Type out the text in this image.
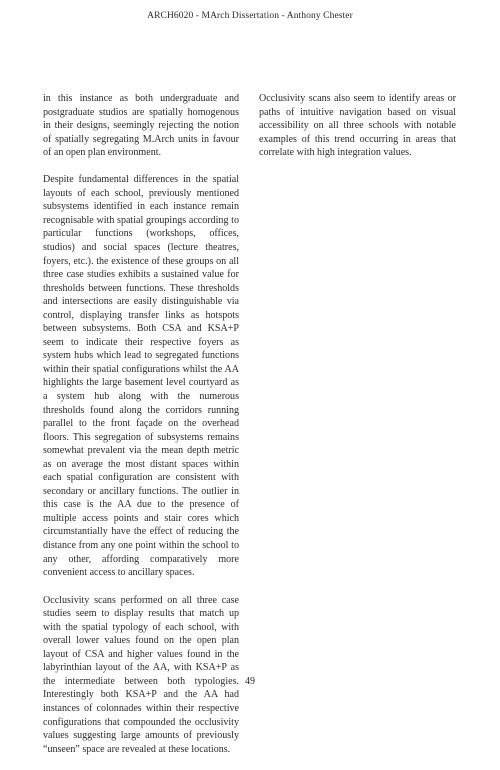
ARCH6020 - MArch Dissertation - Anthony Chester

in this instance as both undergraduate and postgraduate studios are spatially homogenous in their designs, seemingly rejecting the notion of spatially segregating M.Arch units in favour of an open plan environment.

Despite fundamental differences in the spatial layouts of each school, previously mentioned subsystems identified in each instance remain recognisable with spatial groupings according to particular functions (workshops, offices, studios) and social spaces (lecture theatres, foyers, etc.). the existence of these groups on all three case studies exhibits a sustained value for thresholds between functions. These thresholds and intersections are easily distinguishable via control, displaying transfer links as hotspots between subsystems. Both CSA and KSA+P seem to indicate their respective foyers as system hubs which lead to segregated functions within their spatial configurations whilst the AA highlights the large basement level courtyard as a system hub along with the numerous thresholds found along the corridors running parallel to the front façade on the overhead floors. This segregation of subsystems remains somewhat prevalent via the mean depth metric as on average the most distant spaces within each spatial configuration are consistent with secondary or ancillary functions. The outlier in this case is the AA due to the presence of multiple access points and stair cores which circumstantially have the effect of reducing the distance from any one point within the school to any other, affording comparatively more convenient access to ancillary spaces.

Occlusivity scans performed on all three case studies seem to display results that match up with the spatial typology of each school, with overall lower values found on the open plan layout of CSA and higher values found in the labyrinthian layout of the AA, with KSA+P as the intermediate between both typologies. Interestingly both KSA+P and the AA had instances of colonnades within their respective configurations that compounded the occlusivity values suggesting large amounts of previously “unseen” space are revealed at these locations.

Occlusivity scans also seem to identify areas or paths of intuitive navigation based on visual accessibility on all three schools with notable examples of this trend occurring in areas that correlate with high integration values.

49
